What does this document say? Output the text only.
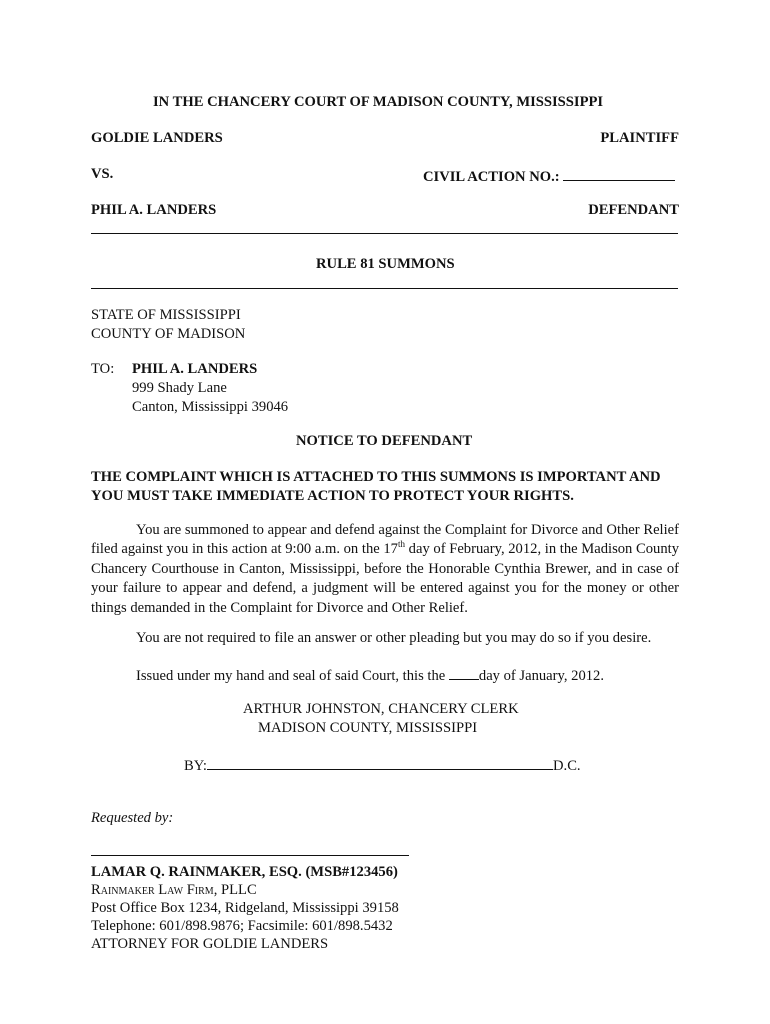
IN THE CHANCERY COURT OF MADISON COUNTY, MISSISSIPPI
GOLDIE LANDERS	PLAINTIFF
VS.	CIVIL ACTION NO.:
PHIL A. LANDERS	DEFENDANT
RULE 81 SUMMONS
STATE OF MISSISSIPPI
COUNTY OF MADISON
TO: PHIL A. LANDERS
999 Shady Lane
Canton, Mississippi 39046
NOTICE TO DEFENDANT
THE COMPLAINT WHICH IS ATTACHED TO THIS SUMMONS IS IMPORTANT AND
YOU MUST TAKE IMMEDIATE ACTION TO PROTECT YOUR RIGHTS.
You are summoned to appear and defend against the Complaint for Divorce and Other Relief filed against you in this action at 9:00 a.m. on the 17th day of February, 2012, in the Madison County Chancery Courthouse in Canton, Mississippi, before the Honorable Cynthia Brewer, and in case of your failure to appear and defend, a judgment will be entered against you for the money or other things demanded in the Complaint for Divorce and Other Relief.
You are not required to file an answer or other pleading but you may do so if you desire.
Issued under my hand and seal of said Court, this the day of January, 2012.
ARTHUR JOHNSTON, CHANCERY CLERK
MADISON COUNTY, MISSISSIPPI
BY:	D.C.
Requested by:
LAMAR Q. RAINMAKER, ESQ. (MSB#123456)
Rainmaker Law Firm, PLLC
Post Office Box 1234, Ridgeland, Mississippi 39158
Telephone: 601/898.9876; Facsimile: 601/898.5432
ATTORNEY FOR GOLDIE LANDERS
